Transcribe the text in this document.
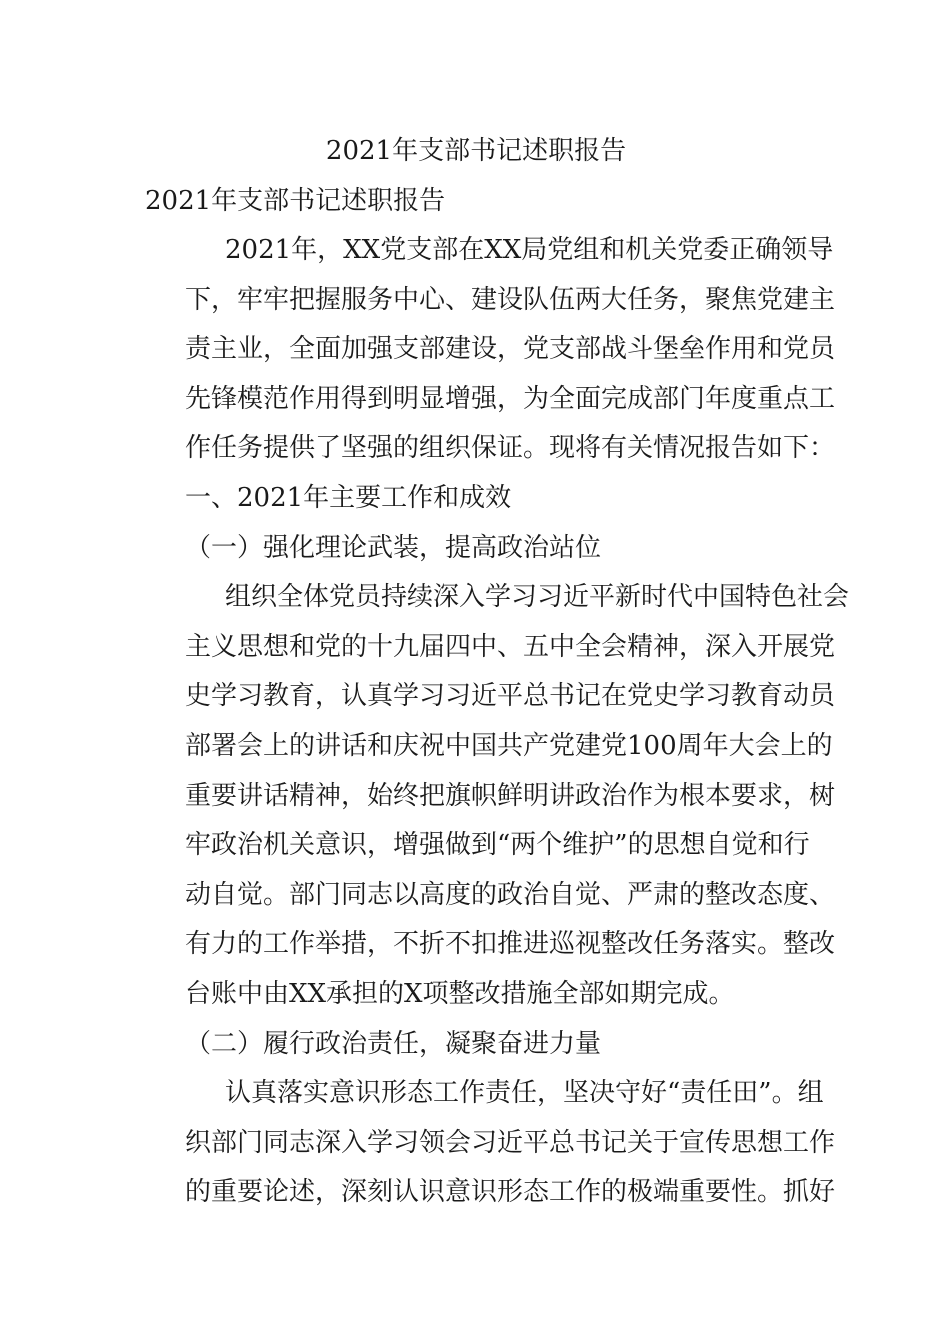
2021年支部书记述职报告

2021年支部书记述职报告

2021年，XX党支部在XX局党组和机关党委正确领导
下，牢牢把握服务中心、建设队伍两大任务，聚焦党建主
责主业，全面加强支部建设，党支部战斗堡垒作用和党员
先锋模范作用得到明显增强，为全面完成部门年度重点工
作任务提供了坚强的组织保证。现将有关情况报告如下：

一、2021年主要工作和成效

（一）强化理论武装，提高政治站位

组织全体党员持续深入学习习近平新时代中国特色社会
主义思想和党的十九届四中、五中全会精神，深入开展党
史学习教育，认真学习习近平总书记在党史学习教育动员
部署会上的讲话和庆祝中国共产党建党100周年大会上的
重要讲话精神，始终把旗帜鲜明讲政治作为根本要求，树
牢政治机关意识，增强做到“两个维护”的思想自觉和行
动自觉。部门同志以高度的政治自觉、严肃的整改态度、
有力的工作举措，不折不扣推进巡视整改任务落实。整改
台账中由XX承担的X项整改措施全部如期完成。

（二）履行政治责任，凝聚奋进力量

认真落实意识形态工作责任，坚决守好“责任田”。组
织部门同志深入学习领会习近平总书记关于宣传思想工作
的重要论述，深刻认识意识形态工作的极端重要性。抓好
